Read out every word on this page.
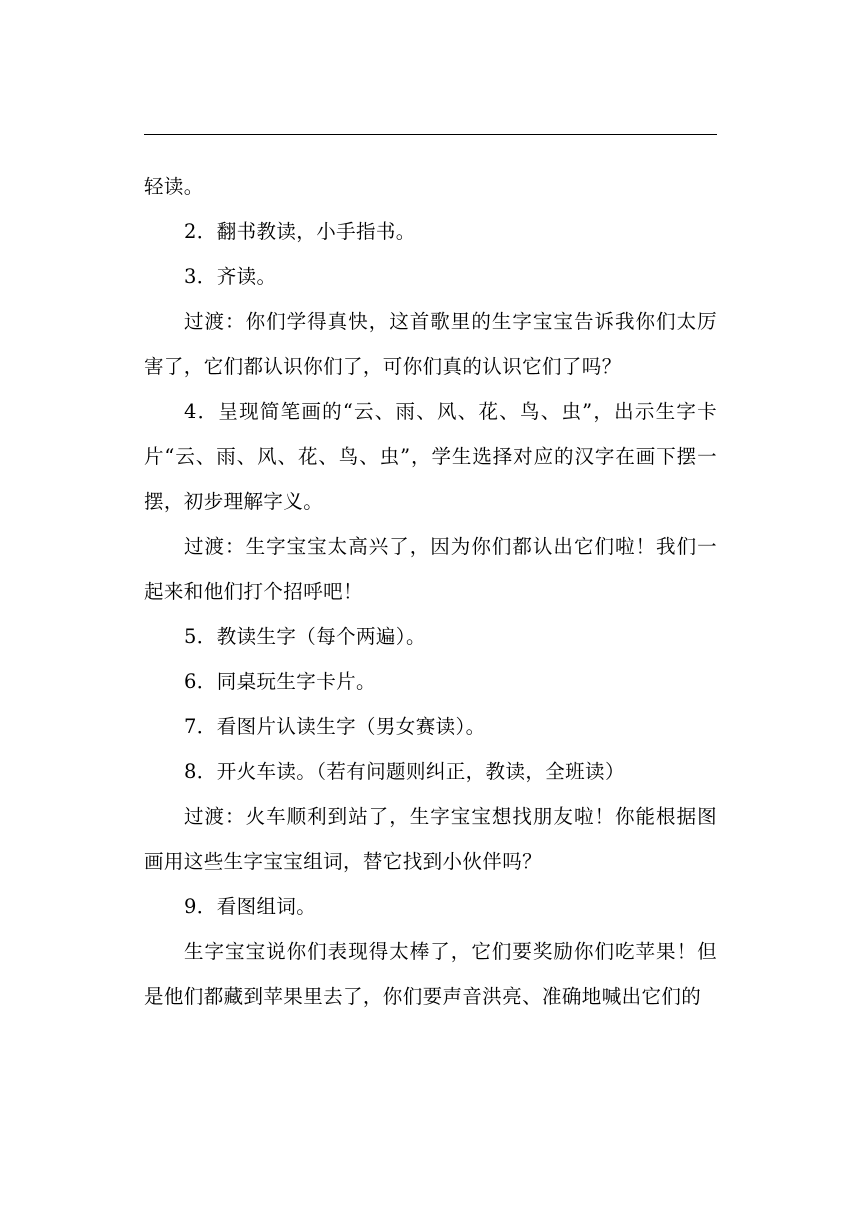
轻读。

2．翻书教读，小手指书。

3．齐读。

过渡：你们学得真快，这首歌里的生字宝宝告诉我你们太厉害了，它们都认识你们了，可你们真的认识它们了吗？

4．呈现简笔画的“云、雨、风、花、鸟、虫”，出示生字卡片“云、雨、风、花、鸟、虫”，学生选择对应的汉字在画下摆一摆，初步理解字义。

过渡：生字宝宝太高兴了，因为你们都认出它们啦！我们一起来和他们打个招呼吧！

5．教读生字（每个两遍）。

6．同桌玩生字卡片。

7．看图片认读生字（男女赛读）。

8．开火车读。（若有问题则纠正，教读，全班读）

过渡：火车顺利到站了，生字宝宝想找朋友啦！你能根据图画用这些生字宝宝组词，替它找到小伙伴吗？

9．看图组词。

生字宝宝说你们表现得太棒了，它们要奖励你们吃苹果！但是他们都藏到苹果里去了，你们要声音洪亮、准确地喊出它们的
